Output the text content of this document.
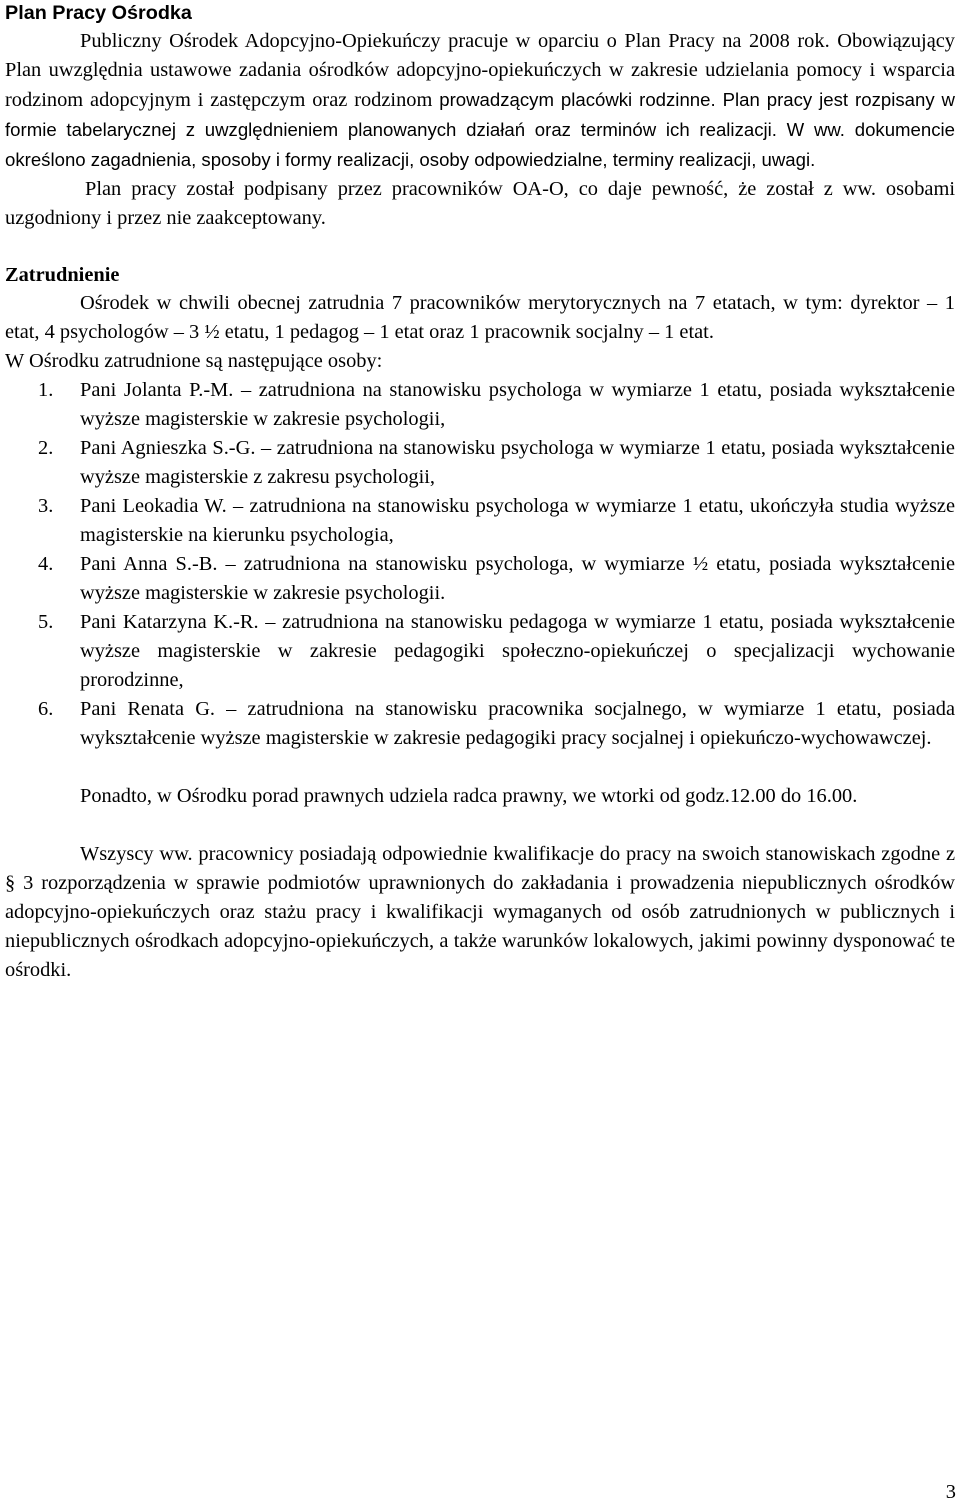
Plan Pracy Ośrodka

Publiczny Ośrodek Adopcyjno-Opiekuńczy pracuje w oparciu o Plan Pracy na 2008 rok. Obowiązujący Plan uwzględnia ustawowe zadania ośrodków adopcyjno-opiekuńczych w zakresie udzielania pomocy i wsparcia rodzinom adopcyjnym i zastępczym oraz rodzinom prowadzącym placówki rodzinne. Plan pracy jest rozpisany w formie tabelarycznej z uwzględnieniem planowanych działań oraz terminów ich realizacji. W ww. dokumencie określono zagadnienia, sposoby i formy realizacji, osoby odpowiedzialne, terminy realizacji, uwagi.

Plan pracy został podpisany przez pracowników OA-O, co daje pewność, że został z ww. osobami uzgodniony i przez nie zaakceptowany.

Zatrudnienie

Ośrodek w chwili obecnej zatrudnia 7 pracowników merytorycznych na 7 etatach, w tym: dyrektor – 1 etat, 4 psychologów – 3 ½ etatu, 1 pedagog – 1 etat oraz 1 pracownik socjalny – 1 etat.

W Ośrodku zatrudnione są następujące osoby:

1. Pani Jolanta P.-M. – zatrudniona na stanowisku psychologa w wymiarze 1 etatu, posiada wykształcenie wyższe magisterskie w zakresie psychologii,
2. Pani Agnieszka S.-G. – zatrudniona na stanowisku psychologa w wymiarze 1 etatu, posiada wykształcenie wyższe magisterskie z zakresu psychologii,
3. Pani Leokadia W. – zatrudniona na stanowisku psychologa w wymiarze 1 etatu, ukończyła studia wyższe magisterskie na kierunku psychologia,
4. Pani Anna S.-B. – zatrudniona na stanowisku psychologa, w wymiarze ½ etatu, posiada wykształcenie wyższe magisterskie w zakresie psychologii.
5. Pani Katarzyna K.-R. – zatrudniona na stanowisku pedagoga w wymiarze 1 etatu, posiada wykształcenie wyższe magisterskie w zakresie pedagogiki społeczno-opiekuńczej o specjalizacji wychowanie prorodzinne,
6. Pani Renata G. – zatrudniona na stanowisku pracownika socjalnego, w wymiarze 1 etatu, posiada wykształcenie wyższe magisterskie w zakresie pedagogiki pracy socjalnej i opiekuńczo-wychowawczej.

Ponadto, w Ośrodku porad prawnych udziela radca prawny, we wtorki od godz.12.00 do 16.00.

Wszyscy ww. pracownicy posiadają odpowiednie kwalifikacje do pracy na swoich stanowiskach zgodne z § 3 rozporządzenia w sprawie podmiotów uprawnionych do zakładania i prowadzenia niepublicznych ośrodków adopcyjno-opiekuńczych oraz stażu pracy i kwalifikacji wymaganych od osób zatrudnionych w publicznych i niepublicznych ośrodkach adopcyjno-opiekuńczych, a także warunków lokalowych, jakimi powinny dysponować te ośrodki.

3
